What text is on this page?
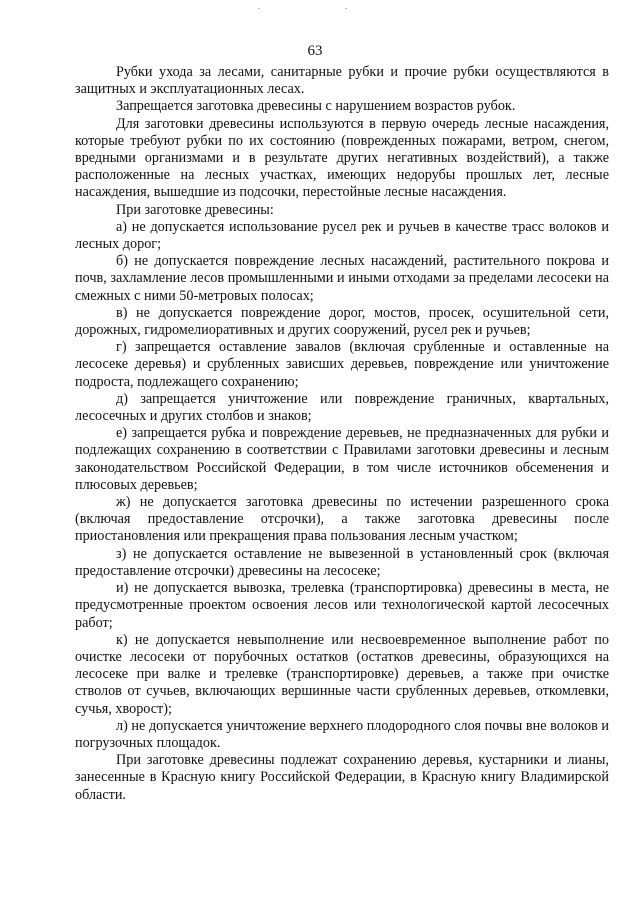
63

Рубки ухода за лесами, санитарные рубки и прочие рубки осуществляются в защитных и эксплуатационных лесах.

Запрещается заготовка древесины с нарушением возрастов рубок.

Для заготовки древесины используются в первую очередь лесные насаждения, которые требуют рубки по их состоянию (поврежденных пожарами, ветром, снегом, вредными организмами и в результате других негативных воздействий), а также расположенные на лесных участках, имеющих недорубы прошлых лет, лесные насаждения, вышедшие из подсочки, перестойные лесные насаждения.

При заготовке древесины:

а) не допускается использование русел рек и ручьев в качестве трасс волоков и лесных дорог;

б) не допускается повреждение лесных насаждений, растительного покрова и почв, захламление лесов промышленными и иными отходами за пределами лесосеки на смежных с ними 50-метровых полосах;

в) не допускается повреждение дорог, мостов, просек, осушительной сети, дорожных, гидромелиоративных и других сооружений, русел рек и ручьев;

г) запрещается оставление завалов (включая срубленные и оставленные на лесосеке деревья) и срубленных зависших деревьев, повреждение или уничтожение подроста, подлежащего сохранению;

д) запрещается уничтожение или повреждение граничных, квартальных, лесосечных и других столбов и знаков;

е) запрещается рубка и повреждение деревьев, не предназначенных для рубки и подлежащих сохранению в соответствии с Правилами заготовки древесины и лесным законодательством Российской Федерации, в том числе источников обсеменения и плюсовых деревьев;

ж) не допускается заготовка древесины по истечении разрешенного срока (включая предоставление отсрочки), а также заготовка древесины после приостановления или прекращения права пользования лесным участком;

з) не допускается оставление не вывезенной в установленный срок (включая предоставление отсрочки) древесины на лесосеке;

и) не допускается вывозка, трелевка (транспортировка) древесины в места, не предусмотренные проектом освоения лесов или технологической картой лесосечных работ;

к) не допускается невыполнение или несвоевременное выполнение работ по очистке лесосеки от порубочных остатков (остатков древесины, образующихся на лесосеке при валке и трелевке (транспортировке) деревьев, а также при очистке стволов от сучьев, включающих вершинные части срубленных деревьев, откомлевки, сучья, хворост);

л) не допускается уничтожение верхнего плодородного слоя почвы вне волоков и погрузочных площадок.

При заготовке древесины подлежат сохранению деревья, кустарники и лианы, занесенные в Красную книгу Российской Федерации, в Красную книгу Владимирской области.
